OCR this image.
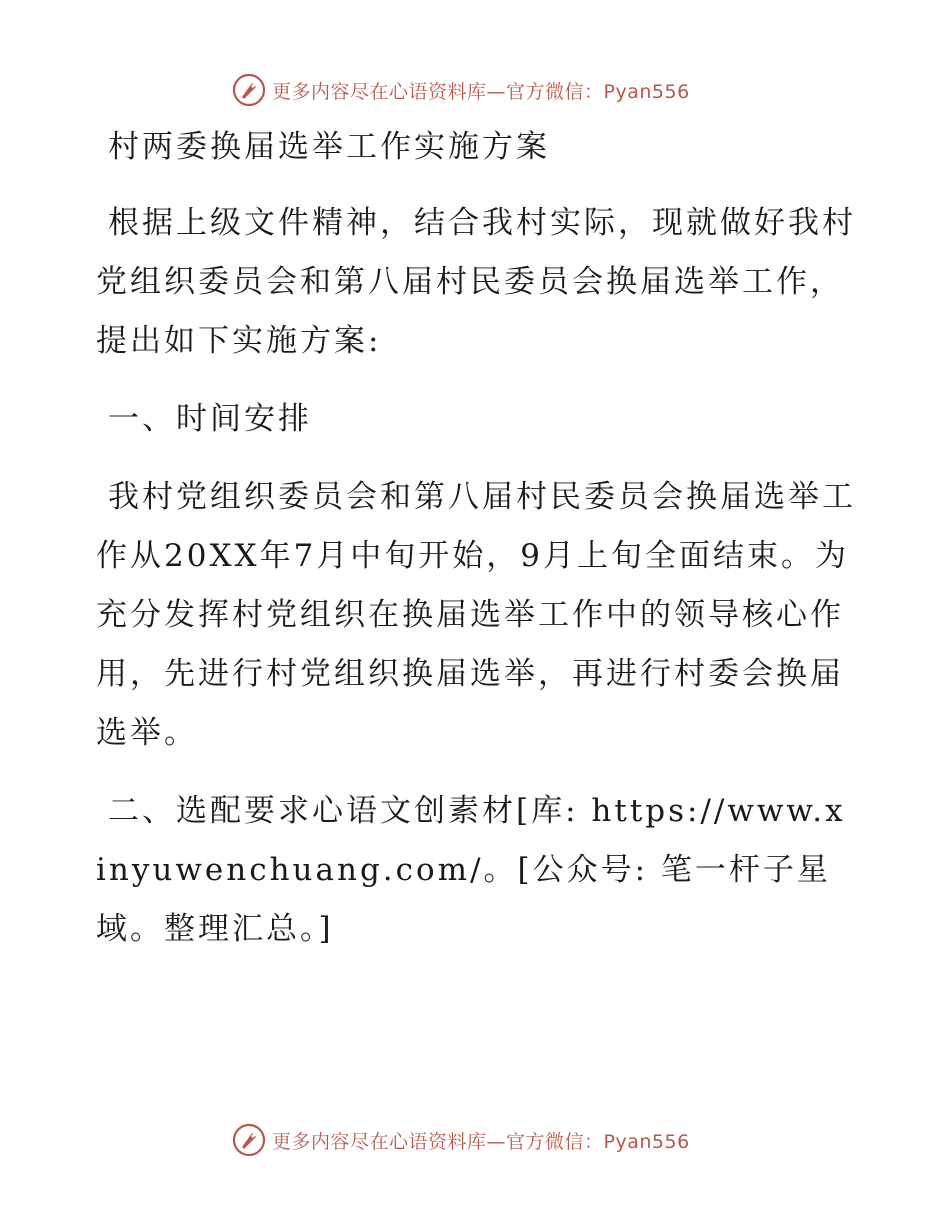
更多内容尽在心语资料库—官方微信：Pyan556
村两委换届选举工作实施方案

根据上级文件精神，结合我村实际，现就做好我村党组织委员会和第八届村民委员会换届选举工作，提出如下实施方案:

一、时间安排

我村党组织委员会和第八届村民委员会换届选举工作从20XX年7月中旬开始，9月上旬全面结束。为充分发挥村党组织在换届选举工作中的领导核心作用，先进行村党组织换届选举，再进行村委会换届选举。

二、选配要求心语文创素材[库: https://www.xinyuwenchuang.com/。[公众号: 笔一杆子星域。整理汇总。]

更多内容尽在心语资料库—官方微信：Pyan556
